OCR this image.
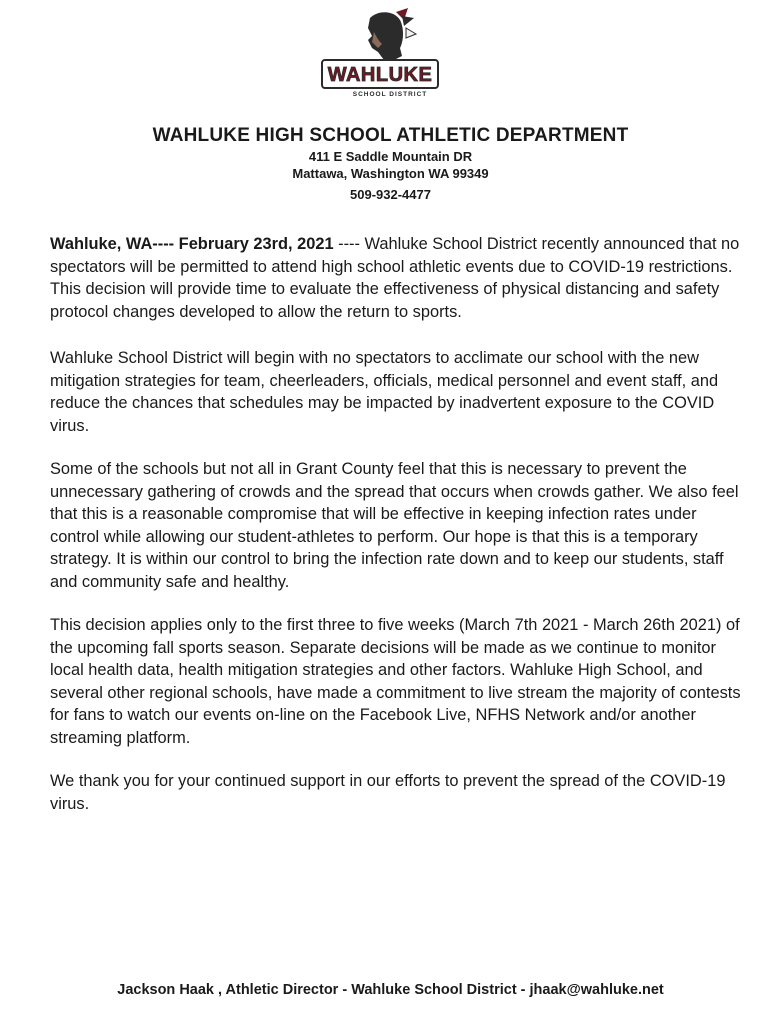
WAHLUKE
SCHOOL DISTRICT
WAHLUKE HIGH SCHOOL ATHLETIC DEPARTMENT
411 E Saddle Mountain DR
Mattawa, Washington WA 99349
509-932-4477

Wahluke, WA---- February 23rd, 2021 ---- Wahluke School District recently announced that no spectators will be permitted to attend high school athletic events due to COVID-19 restrictions. This decision will provide time to evaluate the effectiveness of physical distancing and safety protocol changes developed to allow the return to sports.

Wahluke School District will begin with no spectators to acclimate our school with the new mitigation strategies for team, cheerleaders, officials, medical personnel and event staff, and reduce the chances that schedules may be impacted by inadvertent exposure to the COVID virus.

Some of the schools but not all in Grant County feel that this is necessary to prevent the unnecessary gathering of crowds and the spread that occurs when crowds gather. We also feel that this is a reasonable compromise that will be effective in keeping infection rates under control while allowing our student-athletes to perform. Our hope is that this is a temporary strategy. It is within our control to bring the infection rate down and to keep our students, staff and community safe and healthy.

This decision applies only to the first three to five weeks (March 7th 2021 - March 26th 2021) of the upcoming fall sports season. Separate decisions will be made as we continue to monitor local health data, health mitigation strategies and other factors. Wahluke High School, and several other regional schools, have made a commitment to live stream the majority of contests for fans to watch our events on-line on the Facebook Live, NFHS Network and/or another streaming platform.

We thank you for your continued support in our efforts to prevent the spread of the COVID-19 virus.

Jackson Haak , Athletic Director - Wahluke School District - jhaak@wahluke.net
